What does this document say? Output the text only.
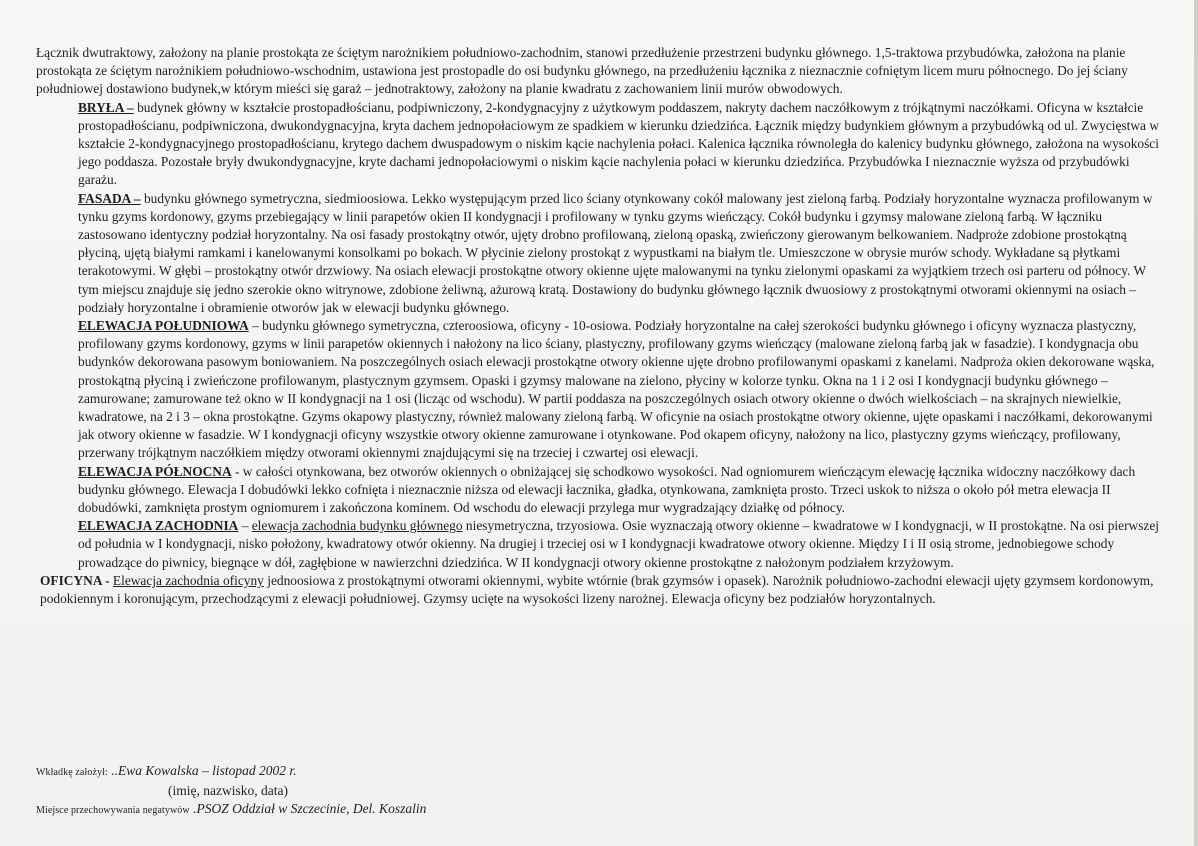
Łącznik dwutraktowy, założony na planie prostokąta ze ściętym narożnikiem południowo-zachodnim, stanowi przedłużenie przestrzeni budynku głównego. 1,5-traktowa przybudówka, założona na planie prostokąta ze ściętym narożnikiem południowo-wschodnim, ustawiona jest prostopadle do osi budynku głównego, na przedłużeniu łącznika z nieznacznie cofniętym licem muru północnego. Do jej ściany południowej dostawiono budynek,w którym mieści się garaż – jednotraktowy, założony na planie kwadratu z zachowaniem linii murów obwodowych.

BRYŁA – budynek główny w kształcie prostopadłościanu, podpiwniczony, 2-kondygnacyjny z użytkowym poddaszem, nakryty dachem naczółkowym z trójkątnymi naczółkami. Oficyna w kształcie prostopadłościanu, podpiwniczona, dwukondygnacyjna, kryta dachem jednopołaciowym ze spadkiem w kierunku dziedzińca. Łącznik między budynkiem głównym a przybudówką od ul. Zwycięstwa w kształcie 2-kondygnacyjnego prostopadłościanu, krytego dachem dwuspadowym o niskim kącie nachylenia połaci. Kalenica łącznika równoległa do kalenicy budynku głównego, założona na wysokości jego poddasza. Pozostałe bryły dwukondygnacyjne, kryte dachami jednopołaciowymi o niskim kącie nachylenia połaci w kierunku dziedzińca. Przybudówka I nieznacznie wyższa od przybudówki garażu.

FASADA – budynku głównego symetryczna, siedmioosiowa. Lekko występującym przed lico ściany otynkowany cokół malowany jest zieloną farbą. Podziały horyzontalne wyznacza profilowanym w tynku gzyms kordonowy, gzyms przebiegający w linii parapetów okien II kondygnacji i profilowany w tynku gzyms wieńczący. Cokół budynku i gzymsy malowane zieloną farbą. W łączniku zastosowano identyczny podział horyzontalny. Na osi fasady prostokątny otwór, ujęty drobno profilowaną, zieloną opaską, zwieńczony gierowanym belkowaniem. Nadproże zdobione prostokątną płyciną, ujętą białymi ramkami i kanelowanymi konsolkami po bokach. W płycinie zielony prostokąt z wypustkami na białym tle. Umieszczone w obrysie murów schody. Wykładane są płytkami terakotowymi. W głębi – prostokątny otwór drzwiowy. Na osiach elewacji prostokątne otwory okienne ujęte malowanymi na tynku zielonymi opaskami za wyjątkiem trzech osi parteru od północy. W tym miejscu znajduje się jedno szerokie okno witrynowe, zdobione żeliwną, ażurową kratą. Dostawiony do budynku głównego łącznik dwuosiowy z prostokątnymi otworami okiennymi na osiach – podziały horyzontalne i obramienie otworów jak w elewacji budynku głównego.

ELEWACJA POŁUDNIOWA – budynku głównego symetryczna, czteroosiowa, oficyny - 10-osiowa. Podziały horyzontalne na całej szerokości budynku głównego i oficyny wyznacza plastyczny, profilowany gzyms kordonowy, gzyms w linii parapetów okiennych i nałożony na lico ściany, plastyczny, profilowany gzyms wieńczący (malowane zieloną farbą jak w fasadzie). I kondygnacja obu budynków dekorowana pasowym boniowaniem. Na poszczególnych osiach elewacji prostokątne otwory okienne ujęte drobno profilowanymi opaskami z kanelami. Nadproża okien dekorowane wąska, prostokątną płyciną i zwieńczone profilowanym, plastycznym gzymsem. Opaski i gzymsy malowane na zielono, płyciny w kolorze tynku. Okna na 1 i 2 osi I kondygnacji budynku głównego – zamurowane; zamurowane też okno w II kondygnacji na 1 osi (licząc od wschodu). W partii poddasza na poszczególnych osiach otwory okienne o dwóch wielkościach – na skrajnych niewielkie, kwadratowe, na 2 i 3 – okna prostokątne. Gzyms okapowy plastyczny, również malowany zieloną farbą. W oficynie na osiach prostokątne otwory okienne, ujęte opaskami i naczółkami, dekorowanymi jak otwory okienne w fasadzie. W I kondygnacji oficyny wszystkie otwory okienne zamurowane i otynkowane. Pod okapem oficyny, nałożony na lico, plastyczny gzyms wieńczący, profilowany, przerwany trójkątnym naczółkiem między otworami okiennymi znajdującymi się na trzeciej i czwartej osi elewacji.

ELEWACJA PÓŁNOCNA - w całości otynkowana, bez otworów okiennych o obniżającej się schodkowo wysokości. Nad ogniomurem wieńczącym elewację łącznika widoczny naczółkowy dach budynku głównego. Elewacja I dobudówki lekko cofnięta i nieznacznie niższa od elewacji łacznika, gładka, otynkowana, zamknięta prosto. Trzeci uskok to niższa o około pół metra elewacja II dobudówki, zamknięta prostym ogniomurem i zakończona kominem. Od wschodu do elewacji przylega mur wygradzający działkę od północy.

ELEWACJA ZACHODNIA – elewacja zachodnia budynku głównego niesymetryczna, trzyosiowa. Osie wyznaczają otwory okienne – kwadratowe w I kondygnacji, w II prostokątne. Na osi pierwszej od południa w I kondygnacji, nisko położony, kwadratowy otwór okienny. Na drugiej i trzeciej osi w I kondygnacji kwadratowe otwory okienne. Między I i II osią strome, jednobiegowe schody prowadzące do piwnicy, biegnące w dół, zagłębione w nawierzchni dziedzińca. W II kondygnacji otwory okienne prostokątne z nałożonym podziałem krzyżowym.

OFICYNA - Elewacja zachodnia oficyny jednoosiowa z prostokątnymi otworami okiennymi, wybite wtórnie (brak gzymsów i opasek). Narożnik południowo-zachodni elewacji ujęty gzymsem kordonowym, podokiennym i koronującym, przechodzącymi z elewacji południowej. Gzymsy ucięte na wysokości lizeny narożnej. Elewacja oficyny bez podziałów horyzontalnych.

Wkładkę założył: ..Ewa Kowalska – listopad 2002 r.
(imię, nazwisko, data)
Miejsce przechowywania negatywów .PSOZ Oddział w Szczecinie, Del. Koszalin
